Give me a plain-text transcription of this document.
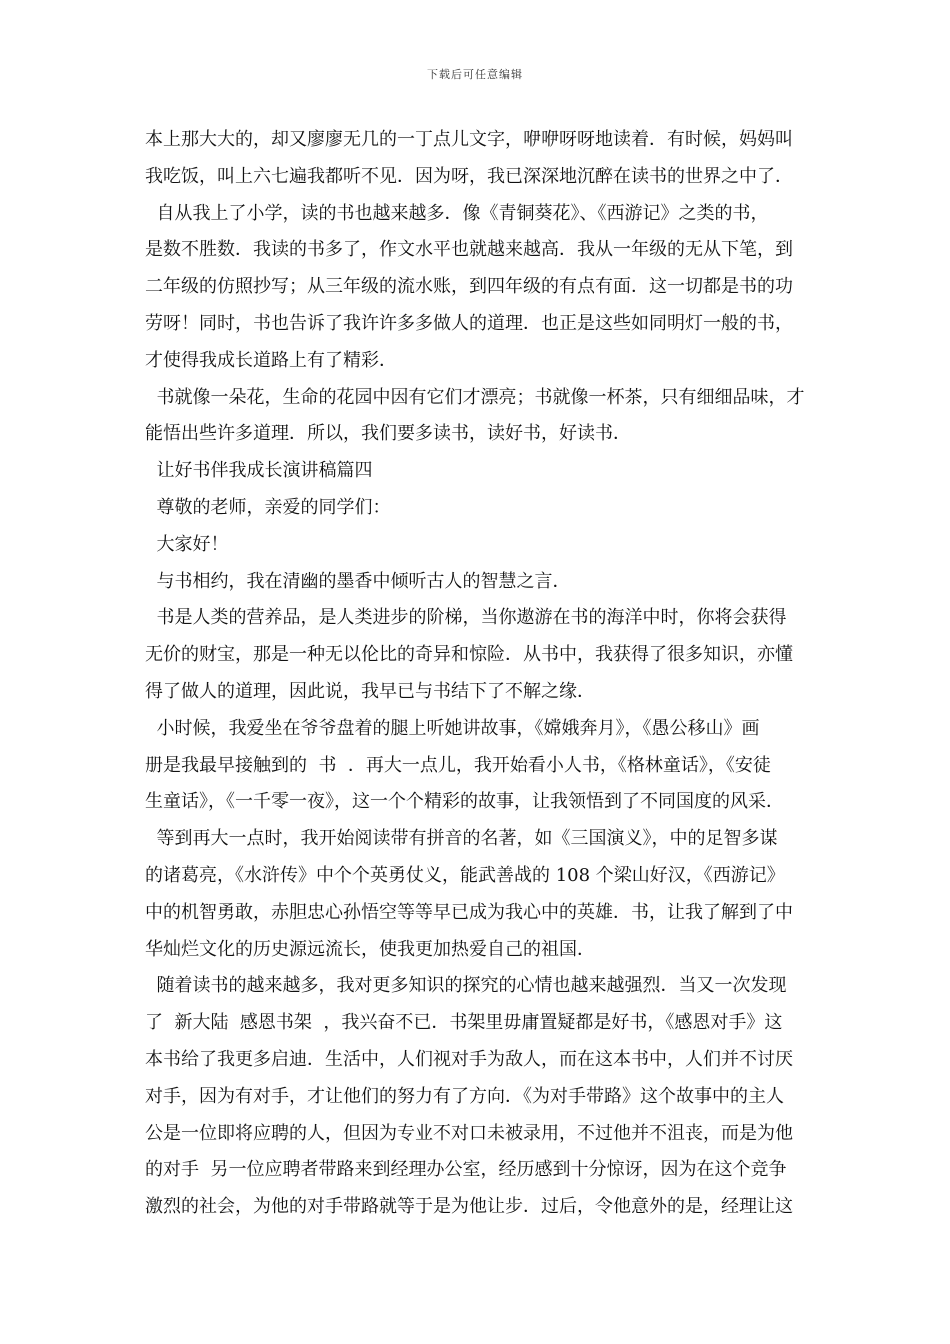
下载后可任意编辑
本上那大大的，却又廖廖无几的一丁点儿文字，咿咿呀呀地读着．有时候，妈妈叫
我吃饭，叫上六七遍我都听不见．因为呀，我已深深地沉醉在读书的世界之中了．
自从我上了小学，读的书也越来越多．像《青铜葵花》、《西游记》之类的书，
是数不胜数．我读的书多了，作文水平也就越来越高．我从一年级的无从下笔，到
二年级的仿照抄写；从三年级的流水账，到四年级的有点有面．这一切都是书的功
劳呀！同时，书也告诉了我许许多多做人的道理．也正是这些如同明灯一般的书，
才使得我成长道路上有了精彩．
书就像一朵花，生命的花园中因有它们才漂亮；书就像一杯茶，只有细细品味，才
能悟出些许多道理．所以，我们要多读书，读好书，好读书．
让好书伴我成长演讲稿篇四
尊敬的老师，亲爱的同学们：
大家好！
与书相约，我在清幽的墨香中倾听古人的智慧之言．
书是人类的营养品，是人类进步的阶梯，当你遨游在书的海洋中时，你将会获得
无价的财宝，那是一种无以伦比的奇异和惊险．从书中，我获得了很多知识，亦懂
得了做人的道理，因此说，我早已与书结下了不解之缘．
小时候，我爱坐在爷爷盘着的腿上听她讲故事，《嫦娥奔月》，《愚公移山》画
册是我最早接触到的  书  ．再大一点儿，我开始看小人书，《格林童话》，《安徒
生童话》，《一千零一夜》，这一个个精彩的故事，让我领悟到了不同国度的风采．
等到再大一点时，我开始阅读带有拼音的名著，如《三国演义》，中的足智多谋
的诸葛亮，《水浒传》中个个英勇仗义，能武善战的 108 个梁山好汉，《西游记》
中的机智勇敢，赤胆忠心孙悟空等等早已成为我心中的英雄．书，让我了解到了中
华灿烂文化的历史源远流长，使我更加热爱自己的祖国．
随着读书的越来越多，我对更多知识的探究的心情也越来越强烈．当又一次发现
了  新大陆  感恩书架  ，我兴奋不已．书架里毋庸置疑都是好书，《感恩对手》这
本书给了我更多启迪．生活中，人们视对手为敌人，而在这本书中，人们并不讨厌
对手，因为有对手，才让他们的努力有了方向．《为对手带路》这个故事中的主人
公是一位即将应聘的人，但因为专业不对口未被录用，不过他并不沮丧，而是为他
的对手  另一位应聘者带路来到经理办公室，经历感到十分惊讶，因为在这个竞争
激烈的社会，为他的对手带路就等于是为他让步．过后，令他意外的是，经理让这
